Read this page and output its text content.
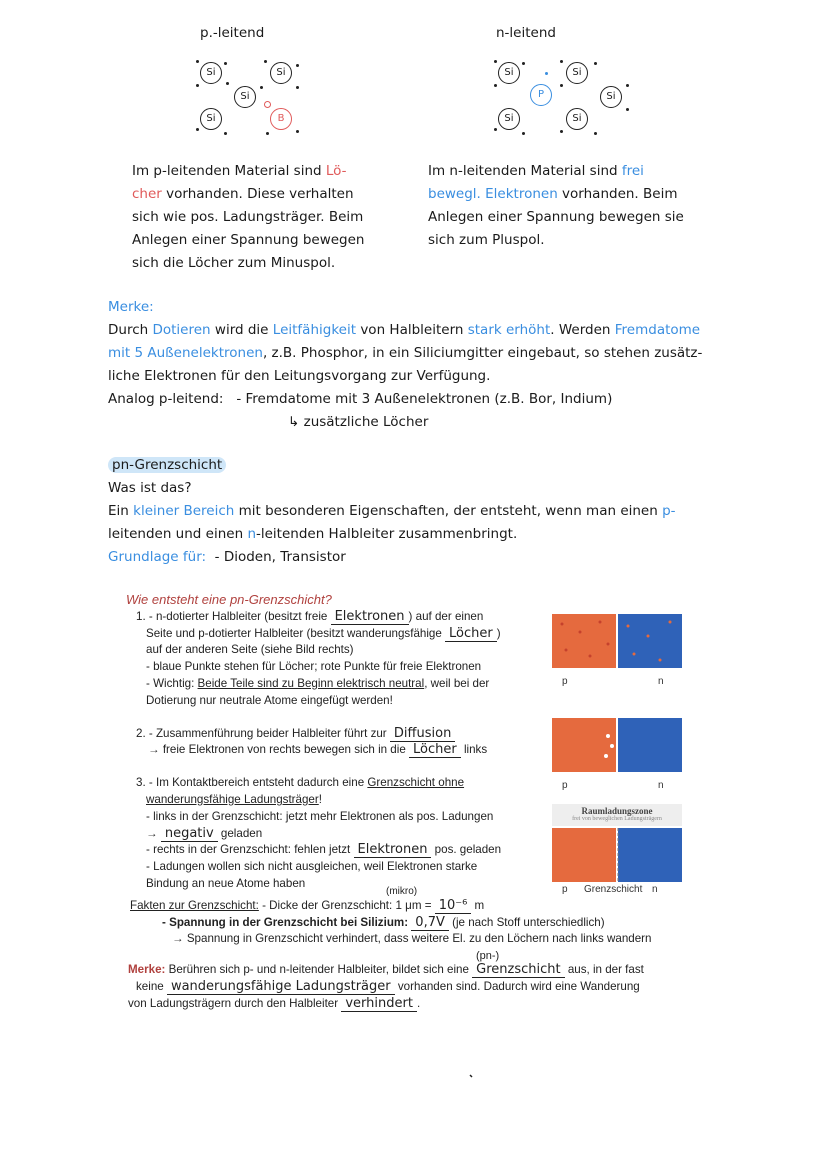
p.-leitend
Si	Si
Si
Si	B
n-leitend
Si	Si
P	Si
Si	Si
Im p-leitenden Material sind Lö-
cher vorhanden. Diese verhalten
sich wie pos. Ladungsträger. Beim
Anlegen einer Spannung bewegen
sich die Löcher zum Minuspol.
Im n-leitenden Material sind frei
bewegl. Elektronen vorhanden. Beim
Anlegen einer Spannung bewegen sie
sich zum Pluspol.
Merke:
Durch Dotieren wird die Leitfähigkeit von Halbleitern stark erhöht. Werden Fremdatome
mit 5 Außenelektronen, z.B. Phosphor, in ein Siliciumgitter eingebaut, so stehen zusätz-
liche Elektronen für den Leitungsvorgang zur Verfügung.
Analog p-leitend: - Fremdatome mit 3 Außenelektronen (z.B. Bor, Indium)
↳ zusätzliche Löcher
pn-Grenzschicht
Was ist das?
Ein kleiner Bereich mit besonderen Eigenschaften, der entsteht, wenn man einen p-
leitenden und einen n-leitenden Halbleiter zusammenbringt.
Grundlage für: - Dioden, Transistor
Wie entsteht eine pn-Grenzschicht?
1. - n-dotierter Halbleiter (besitzt freie Elektronen ) auf der einen
Seite und p-dotierter Halbleiter (besitzt wanderungsfähige Löcher )
auf der anderen Seite (siehe Bild rechts)
- blaue Punkte stehen für Löcher; rote Punkte für freie Elektronen
- Wichtig: Beide Teile sind zu Beginn elektrisch neutral, weil bei der
Dotierung nur neutrale Atome eingefügt werden!
2. - Zusammenführung beider Halbleiter führt zur Diffusion
→ freie Elektronen von rechts bewegen sich in die Löcher links
3. - Im Kontaktbereich entsteht dadurch eine Grenzschicht ohne
wanderungsfähige Ladungsträger!
- links in der Grenzschicht: jetzt mehr Elektronen als pos. Ladungen
→ negativ geladen
- rechts in der Grenzschicht: fehlen jetzt Elektronen pos. geladen
- Ladungen wollen sich nicht ausgleichen, weil Elektronen starke
Bindung an neue Atome haben
(mikro)
Fakten zur Grenzschicht: - Dicke der Grenzschicht: 1 μm = 10⁻⁶ m
- Spannung in der Grenzschicht bei Silizium: 0,7V (je nach Stoff unterschiedlich)
→ Spannung in Grenzschicht verhindert, dass weitere El. zu den Löchern nach links wandern
(pn-)
Merke: Berühren sich p- und n-leitender Halbleiter, bildet sich eine Grenzschicht aus, in der fast
keine wanderungsfähige Ladungsträger vorhanden sind. Dadurch wird eine Wanderung
von Ladungsträgern durch den Halbleiter verhindert .
p	n
p	n
Raumladungszone
frei von beweglichen Ladungsträgern
p Grenzschicht n
